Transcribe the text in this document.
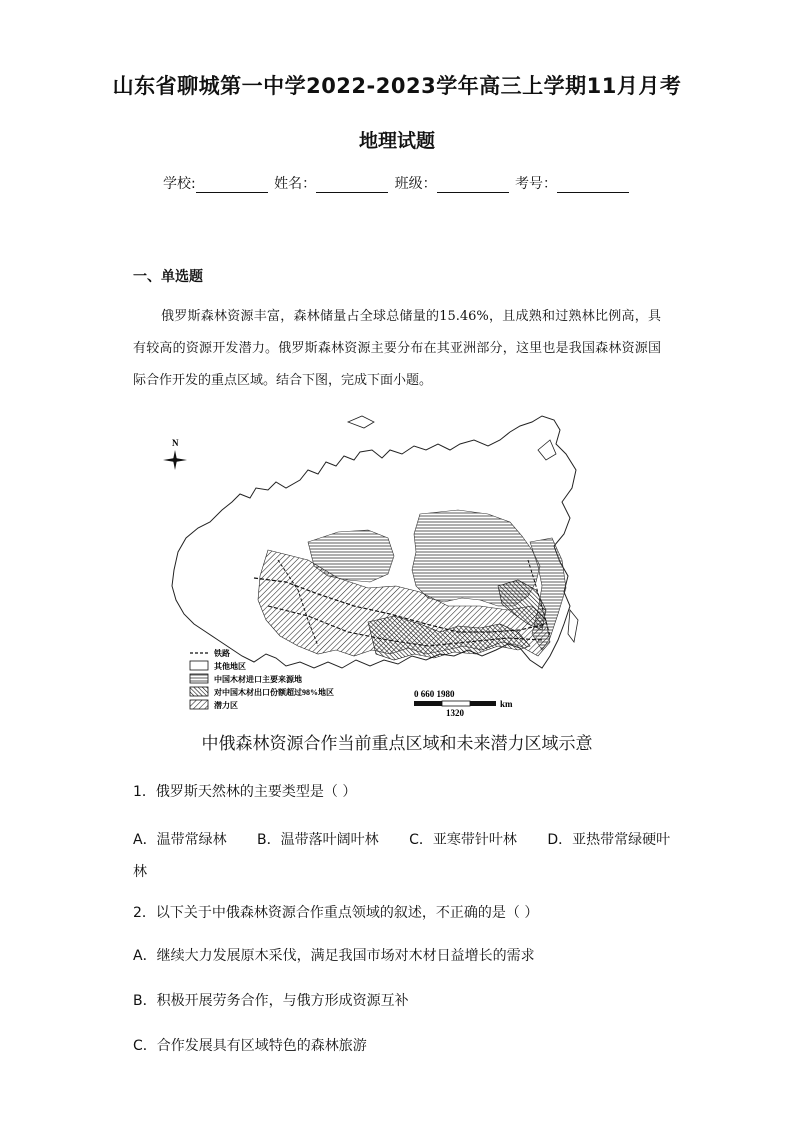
山东省聊城第一中学2022-2023学年高三上学期11月月考
地理试题
学校:	姓名：	班级：	考号：
一、单选题
俄罗斯森林资源丰富，森林储量占全球总储量的15.46%，且成熟和过熟林比例高，具有较高的资源开发潜力。俄罗斯森林资源主要分布在其亚洲部分，这里也是我国森林资源国际合作开发的重点区域。结合下图，完成下面小题。
N
铁路
其他地区
中国木材进口主要来源地
对中国木材出口份额超过98%地区
潜力区
0 660 1980
km
1320
中俄森林资源合作当前重点区域和未来潜力区域示意
1．俄罗斯天然林的主要类型是（ ）
A．温带常绿林 B．温带落叶阔叶林 C．亚寒带针叶林 D．亚热带常绿硬叶林
2．以下关于中俄森林资源合作重点领域的叙述，不正确的是（ ）
A．继续大力发展原木采伐，满足我国市场对木材日益增长的需求
B．积极开展劳务合作，与俄方形成资源互补
C．合作发展具有区域特色的森林旅游
